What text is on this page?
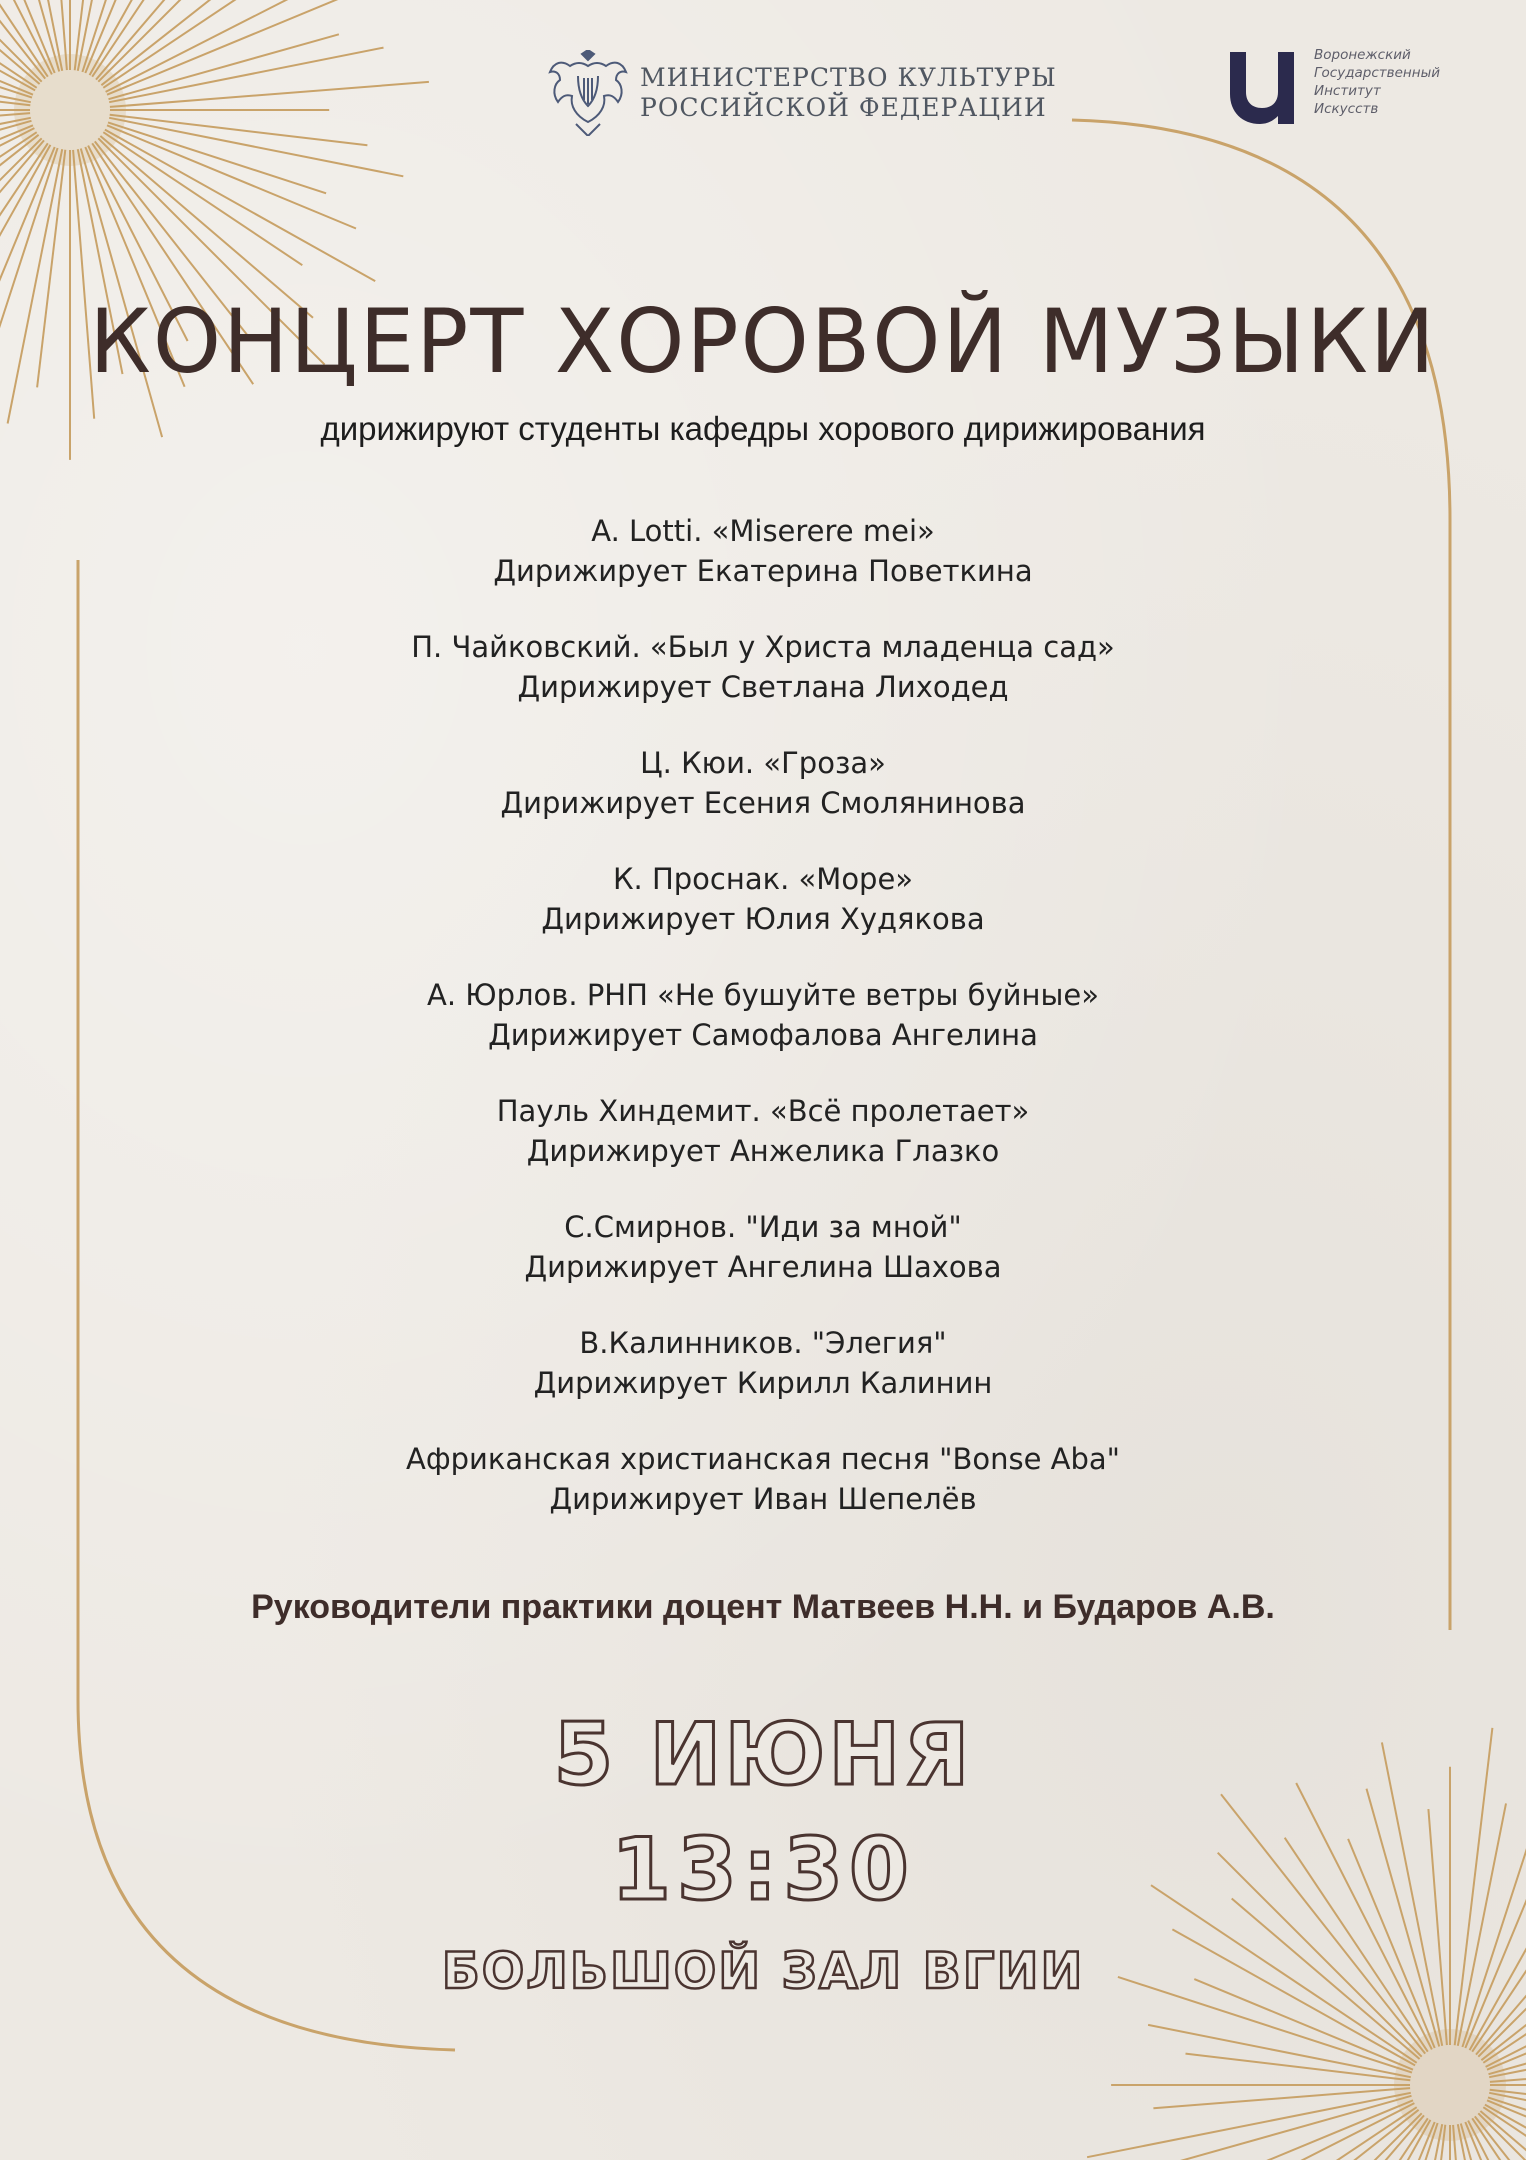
МИНИСТЕРСТВО КУЛЬТУРЫ
РОССИЙСКОЙ ФЕДЕРАЦИИ
Воронежский
Государственный
Институт
Искусств
КОНЦЕРТ ХОРОВОЙ МУЗЫКИ
дирижируют студенты кафедры хорового дирижирования
A. Lotti. «Miserere mei»
Дирижирует Екатерина Поветкина
П. Чайковский. «Был у Христа младенца сад»
Дирижирует Светлана Лиходед
Ц. Кюи. «Гроза»
Дирижирует Есения Смолянинова
К. Проснак. «Море»
Дирижирует Юлия Худякова
А. Юрлов. РНП «Не бушуйте ветры буйные»
Дирижирует Самофалова Ангелина
Пауль Хиндемит. «Всё пролетает»
Дирижирует Анжелика Глазко
С.Смирнов. "Иди за мной"
Дирижирует Ангелина Шахова
В.Калинников. "Элегия"
Дирижирует Кирилл Калинин
Африканская христианская песня "Bonse Aba"
Дирижирует Иван Шепелёв
Руководители практики доцент Матвеев Н.Н. и Бударов А.В.
5 ИЮНЯ
13:30
БОЛЬШОЙ ЗАЛ ВГИИ
